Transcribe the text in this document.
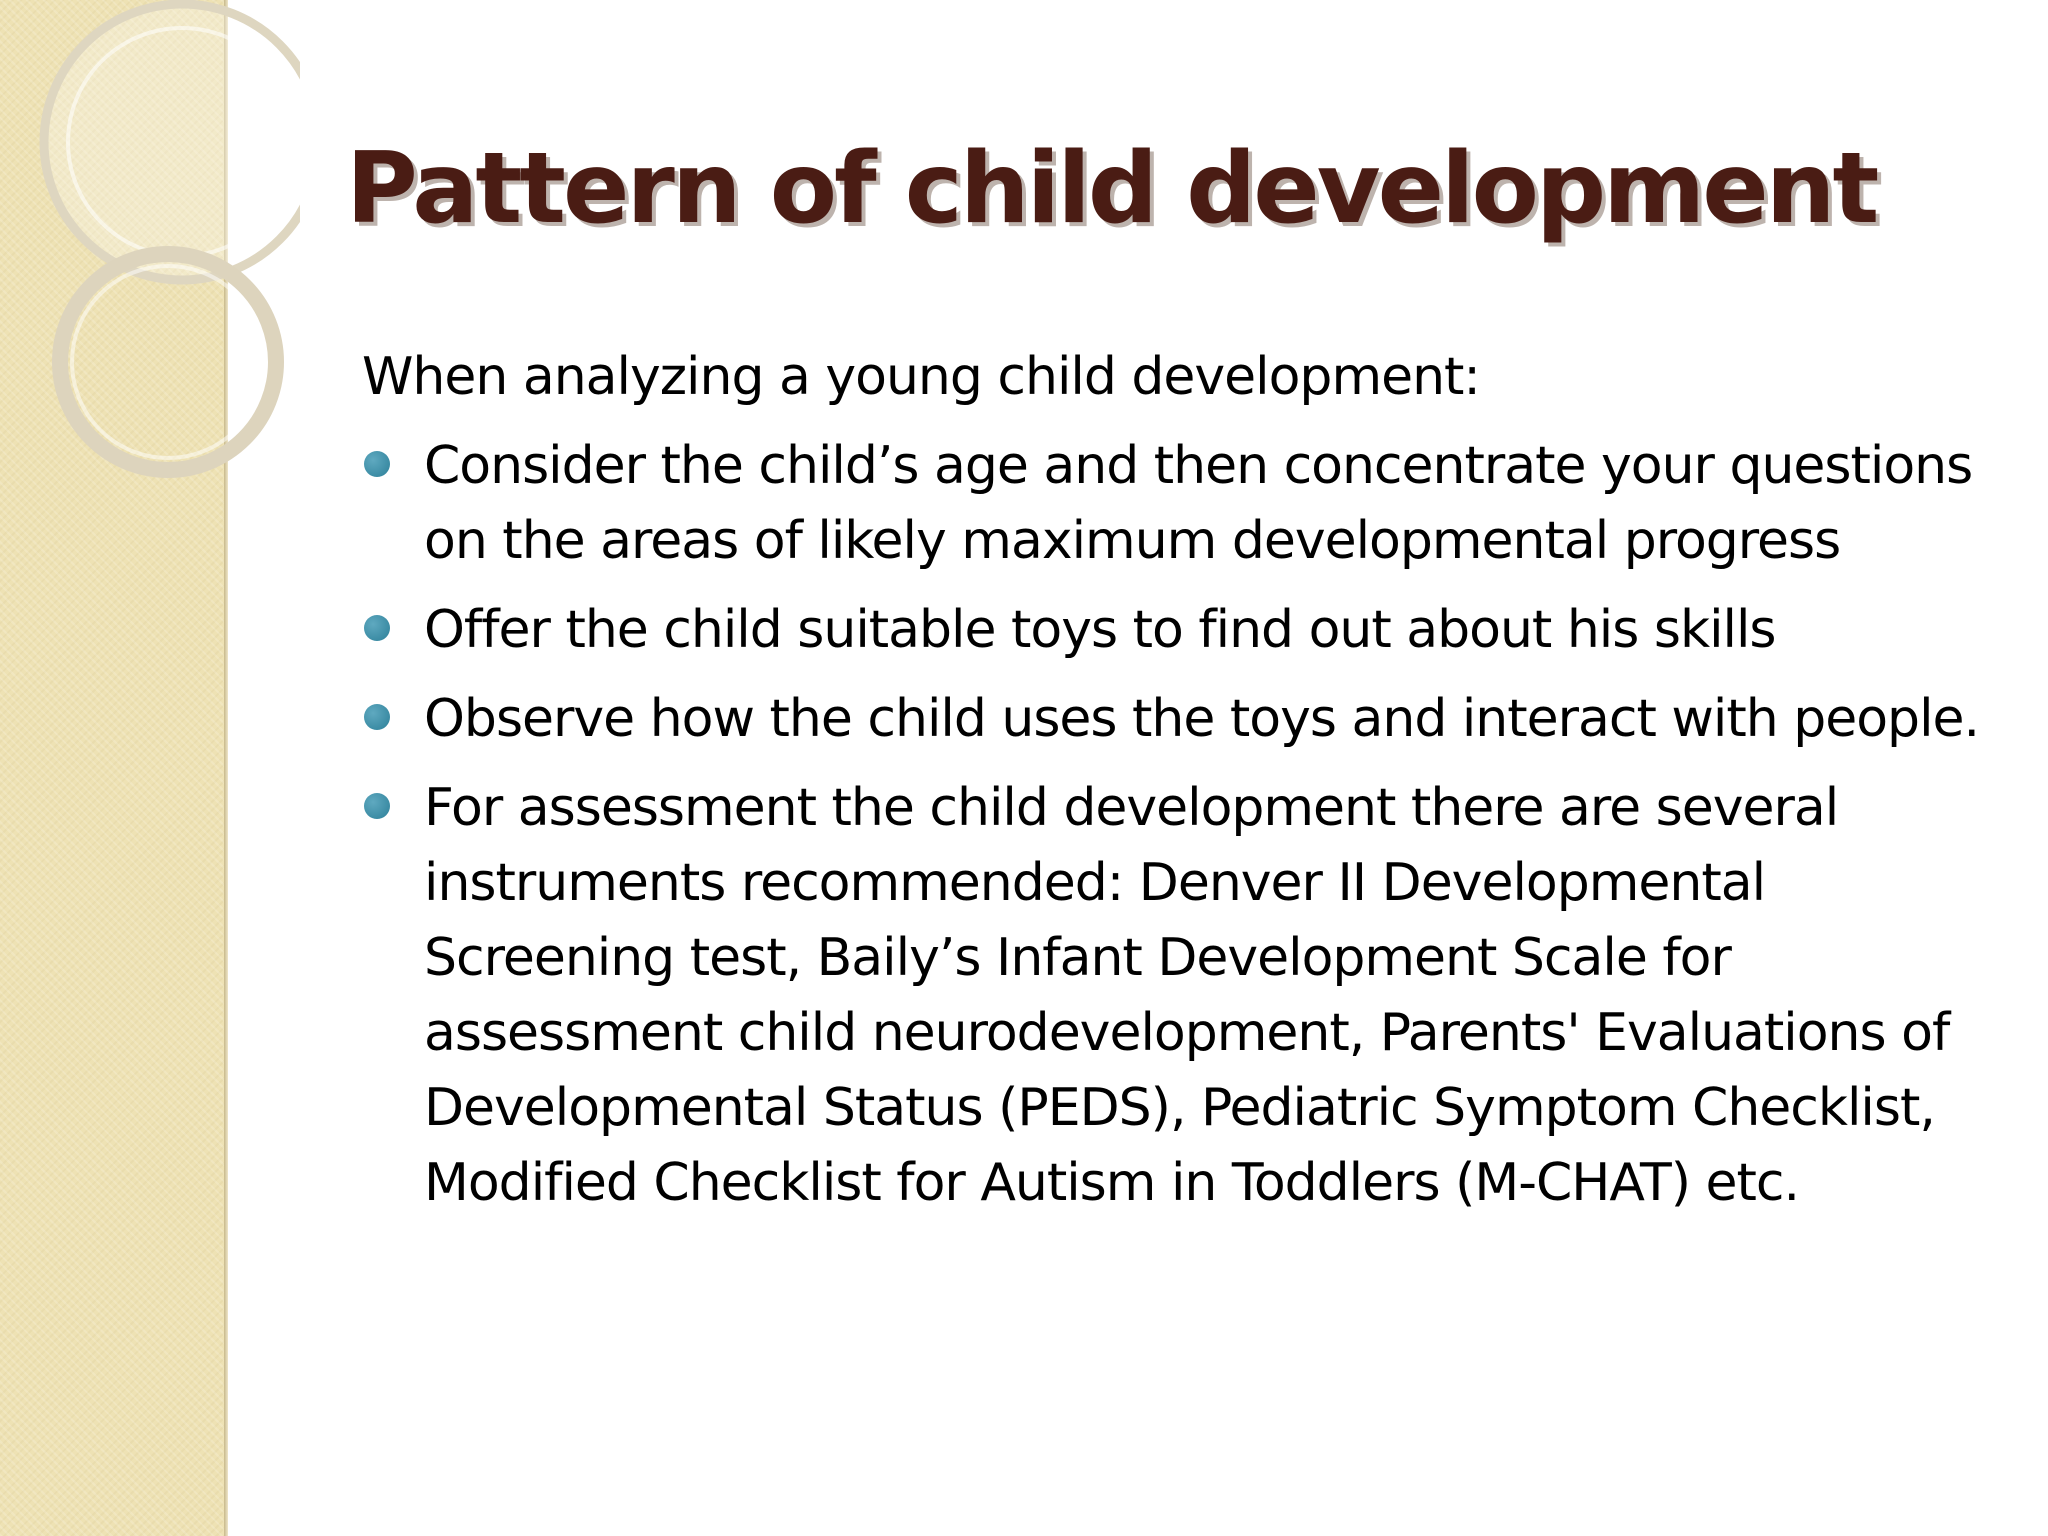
Pattern of child development

When analyzing a young child development:

Consider the child’s age and then concentrate your questions on the areas of likely maximum developmental progress
Offer the child suitable toys to find out about his skills
Observe how the child uses the toys and interact with people.
For assessment the child development there are several instruments recommended: Denver II Developmental Screening test, Baily’s Infant Development Scale for assessment child neurodevelopment, Parents' Evaluations of Developmental Status (PEDS), Pediatric Symptom Checklist, Modified Checklist for Autism in Toddlers (M-CHAT) etc.
